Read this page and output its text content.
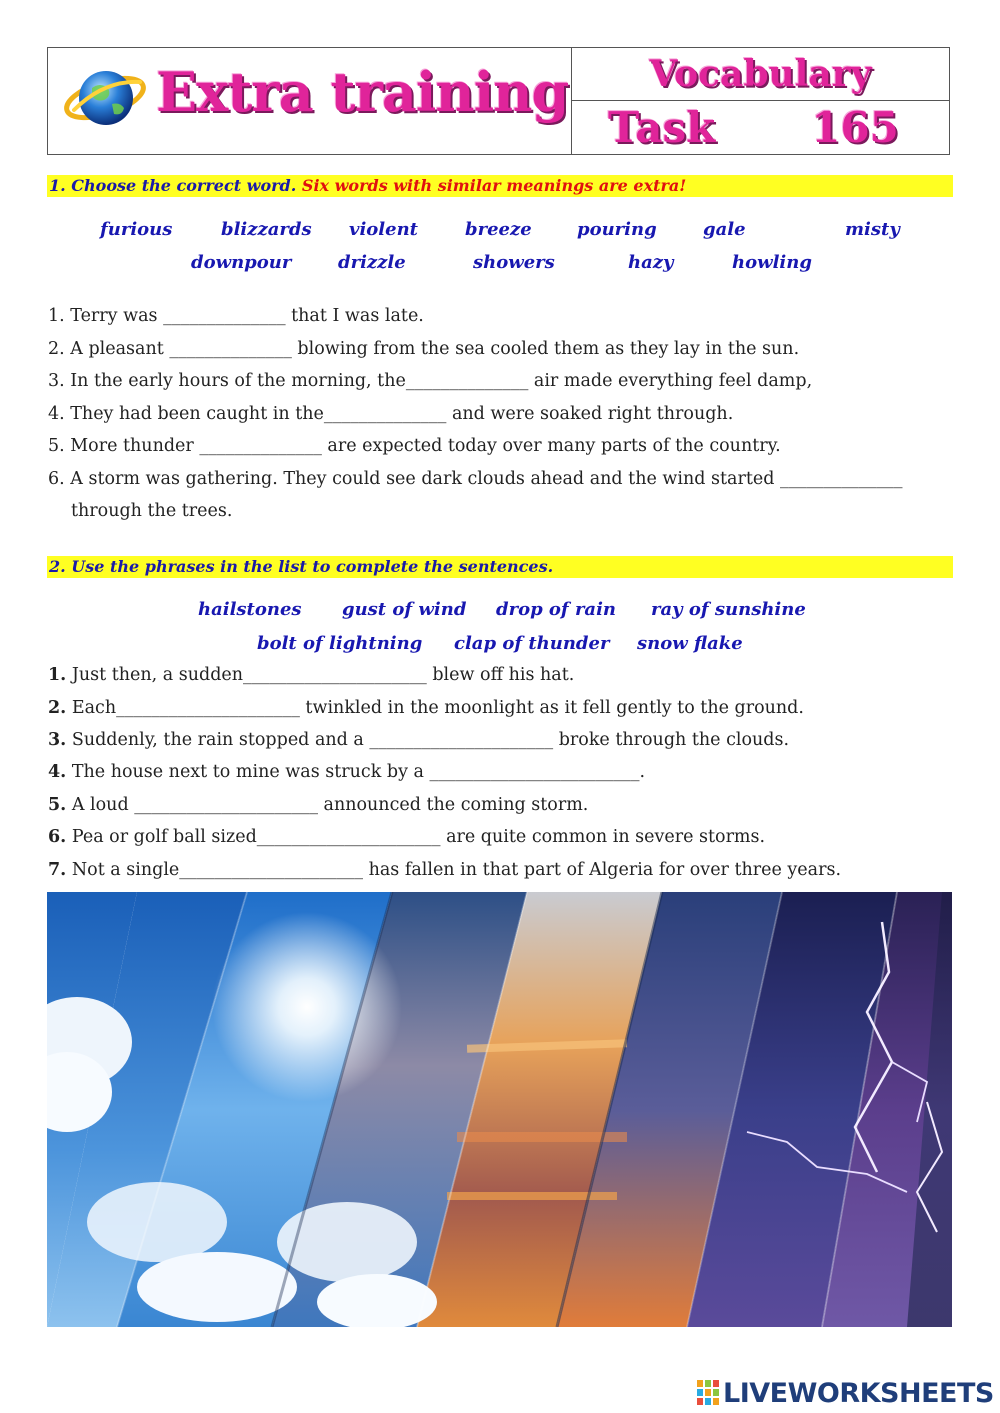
Extra training Vocabulary
Task 165
1. Choose the correct word. Six words with similar meanings are extra!
furious	blizzards violent	breeze	pouring	gale	misty
downpour	drizzle	showers	hazy	howling
1. Terry was ______________ that I was late.
2. A pleasant ______________ blowing from the sea cooled them as they lay in the sun.
3. In the early hours of the morning, the______________ air made everything feel damp,
4. They had been caught in the______________ and were soaked right through.
5. More thunder ______________ are expected today over many parts of the country.
6. A storm was gathering. They could see dark clouds ahead and the wind started ______________
through the trees.
2. Use the phrases in the list to complete the sentences.
hailstones gust of wind drop of rain ray of sunshine
bolt of lightning clap of thunder snow flake
1. Just then, a sudden_____________________ blew off his hat.
2. Each_____________________ twinkled in the moonlight as it fell gently to the ground.
3. Suddenly, the rain stopped and a _____________________ broke through the clouds.
4. The house next to mine was struck by a ________________________.
5. A loud _____________________ announced the coming storm.
6. Pea or golf ball sized_____________________ are quite common in severe storms.
7. Not a single_____________________ has fallen in that part of Algeria for over three years.
LIVEWORKSHEETS
